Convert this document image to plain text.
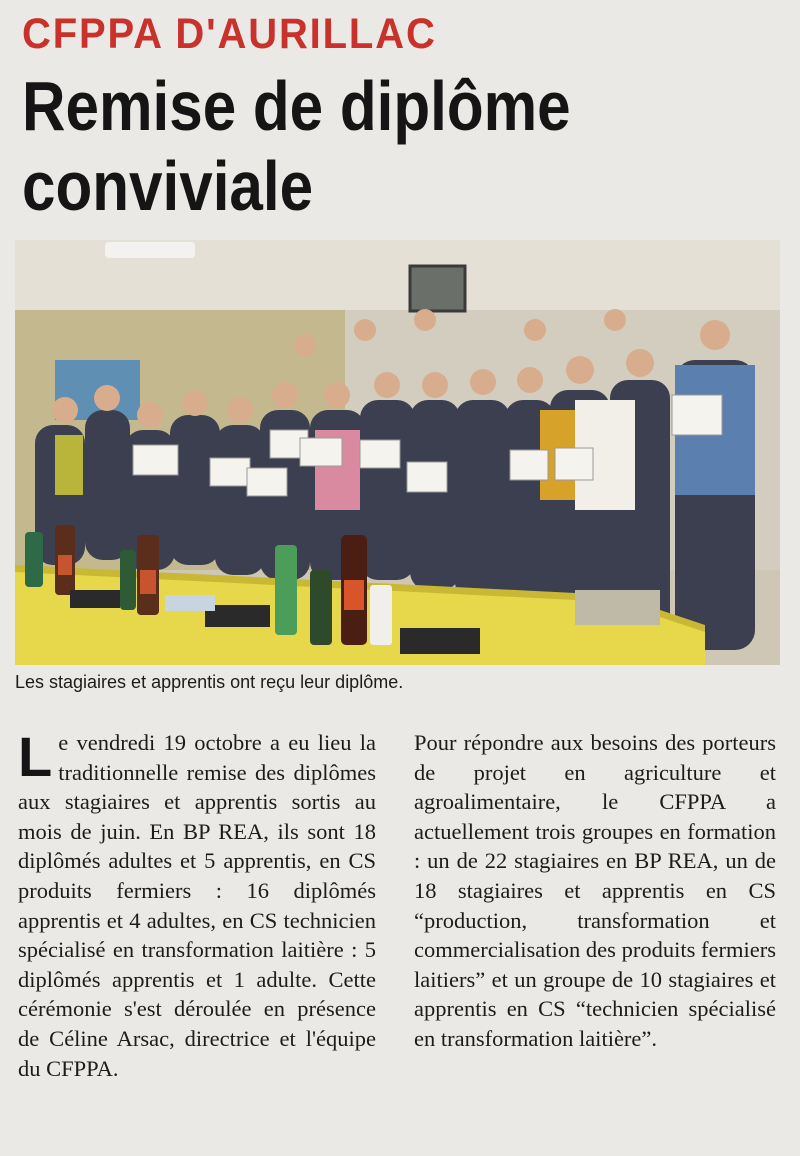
CFPPA D'AURILLAC
Remise de diplôme
conviviale

Les stagiaires et apprentis ont reçu leur diplôme.

L e vendredi 19 octobre a eu lieu la traditionnelle remise des diplômes aux stagiaires et apprentis sortis au mois de juin. En BP REA, ils sont 18 diplômés adultes et 5 apprentis, en CS produits fermiers : 16 diplômés apprentis et 4 adultes, en CS technicien spécialisé en transformation laitière : 5 diplômés apprentis et 1 adulte. Cette cérémonie s'est déroulée en présence de Céline Arsac, directrice et l'équipe du CFPPA.

Pour répondre aux besoins des porteurs de projet en agriculture et agroalimentaire, le CFPPA a actuellement trois groupes en formation : un de 22 stagiaires en BP REA, un de 18 stagiaires et apprentis en CS “production, transformation et commercialisation des produits fermiers laitiers” et un groupe de 10 stagiaires et apprentis en CS “technicien spécialisé en transformation laitière”.
